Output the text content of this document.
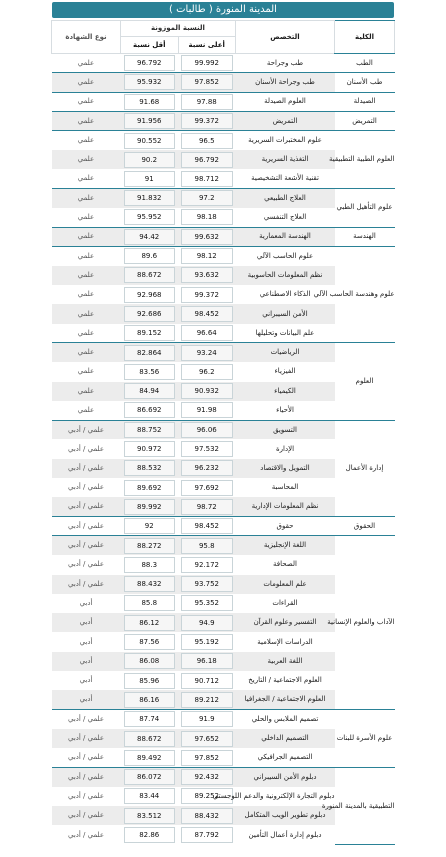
المدينة المنورة ( طالبات )
الكلية	التخصص	النسبة الموزونة		نوع الشهادة
		أعلى نسبة	أقل نسبة	
الطب	طب وجراحة	99.992	96.792	علمي
طب الأسنان	طب وجراحة الأسنان	97.852	95.932	علمي
الصيدلة	العلوم الصيدلة	97.88	91.68	علمي
التمريض	التمريض	99.372	91.956	علمي
العلوم الطبية التطبيقية	علوم المختبرات السريرية	96.5	90.552	علمي
	التغذية السريرية	96.792	90.2	علمي
	تقنية الأشعة التشخيصية	98.712	91	علمي
علوم التأهيل الطبي	العلاج الطبيعي	97.2	91.832	علمي
	العلاج التنفسي	98.18	95.952	علمي
الهندسة	الهندسة المعمارية	99.632	94.42	علمي
علوم وهندسة الحاسب الآلي	علوم الحاسب الآلي	98.12	89.6	علمي
	نظم المعلومات الحاسوبية	93.632	88.672	علمي
	الذكاء الاصطناعي	99.372	92.968	علمي
	الأمن السيبراني	98.452	92.686	علمي
	علم البيانات وتحليلها	96.64	89.152	علمي
العلوم	الرياضيات	93.24	82.864	علمي
	الفيزياء	96.2	83.56	علمي
	الكيمياء	90.932	84.94	علمي
	الأحياء	91.98	86.692	علمي
إدارة الأعمال	التسويق	96.06	88.752	علمي / أدبي
	الإدارة	97.532	90.972	علمي / أدبي
	التمويل والاقتصاد	96.232	88.532	علمي / أدبي
	المحاسبة	97.692	89.692	علمي / أدبي
	نظم المعلومات الإدارية	98.72	89.992	علمي / أدبي
الحقوق	حقوق	98.452	92	علمي / أدبي
الآداب والعلوم الإنسانية	اللغة الإنجليزية	95.8	88.272	علمي / أدبي
	الصحافة	92.172	88.3	علمي / أدبي
	علم المعلومات	93.752	88.432	علمي / أدبي
	القراءات	95.352	85.8	أدبي
	التفسير وعلوم القرآن	94.9	86.12	أدبي
	الدراسات الإسلامية	95.192	87.56	أدبي
	اللغة العربية	96.18	86.08	أدبي
	العلوم الاجتماعية / التاريخ	90.712	85.96	أدبي
	العلوم الاجتماعية / الجغرافيا	89.212	86.16	أدبي
علوم الأسرة للبنات	تصميم الملابس والحلي	91.9	87.74	علمي / أدبي
	التصميم الداخلي	97.652	88.672	علمي / أدبي
	التصميم الجرافيكي	97.852	89.492	علمي / أدبي
التطبيقية بالمدينة المنورة	دبلوم الأمن السيبراني	92.432	86.072	علمي / أدبي
	دبلوم التجارة الإلكترونية والدعم اللوجستي	89.252	83.44	علمي / أدبي
	دبلوم تطوير الويب المتكامل	88.432	83.512	علمي / أدبي
	دبلوم إدارة أعمال التأمين	87.792	82.86	علمي / أدبي
